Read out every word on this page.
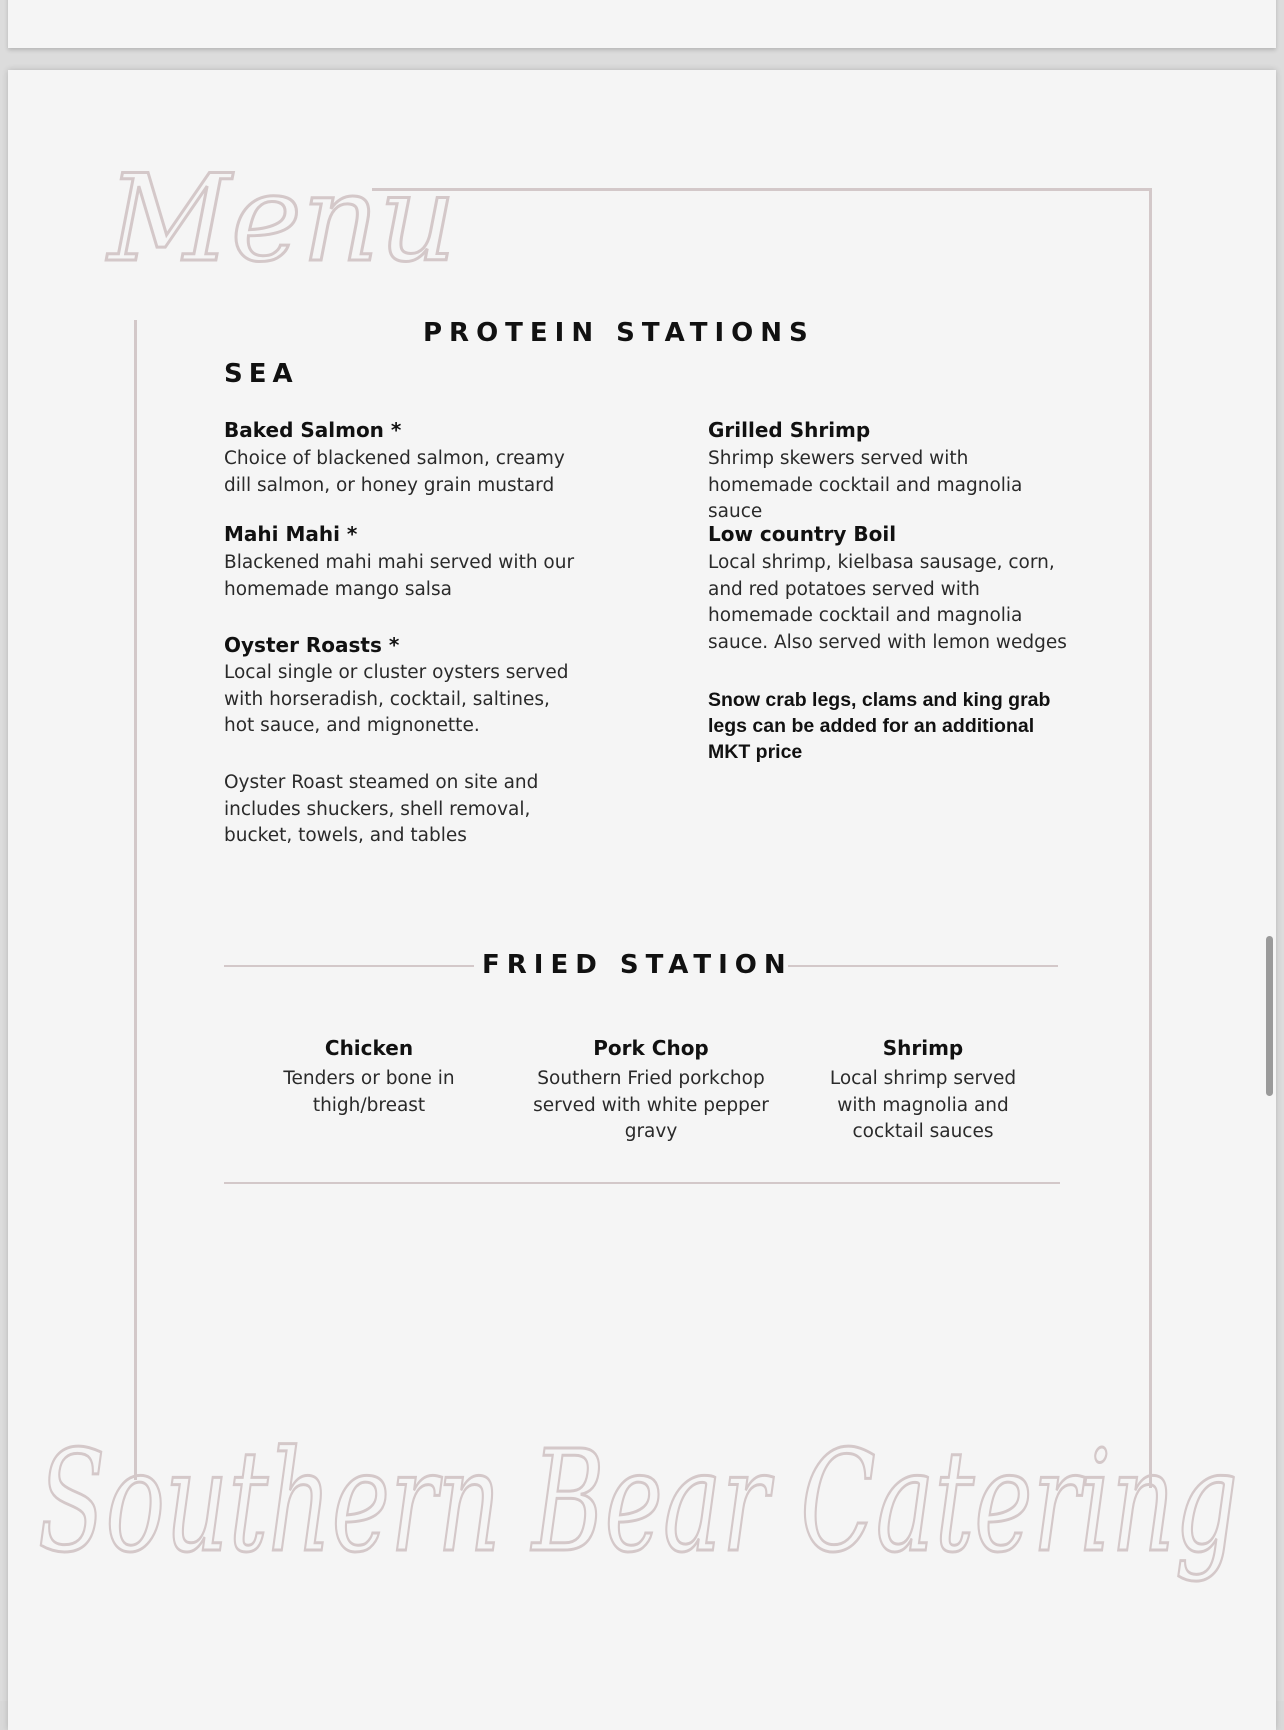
Menu
PROTEIN STATIONS
SEA
Baked Salmon *
Choice of blackened salmon, creamy dill salmon, or honey grain mustard
Mahi Mahi *
Blackened mahi mahi served with our homemade mango salsa
Oyster Roasts *
Local single or cluster oysters served with horseradish, cocktail, saltines, hot sauce, and mignonette.
Oyster Roast steamed on site and includes shuckers, shell removal, bucket, towels, and tables
Grilled Shrimp
Shrimp skewers served with homemade cocktail and magnolia sauce
Low country Boil
Local shrimp, kielbasa sausage, corn, and red potatoes served with homemade cocktail and magnolia sauce. Also served with lemon wedges
Snow crab legs, clams and king grab legs can be added for an additional MKT price
FRIED STATION
Chicken
Tenders or bone in thigh/breast
Pork Chop
Southern Fried porkchop served with white pepper gravy
Shrimp
Local shrimp served with magnolia and cocktail sauces
Southern Bear Catering
